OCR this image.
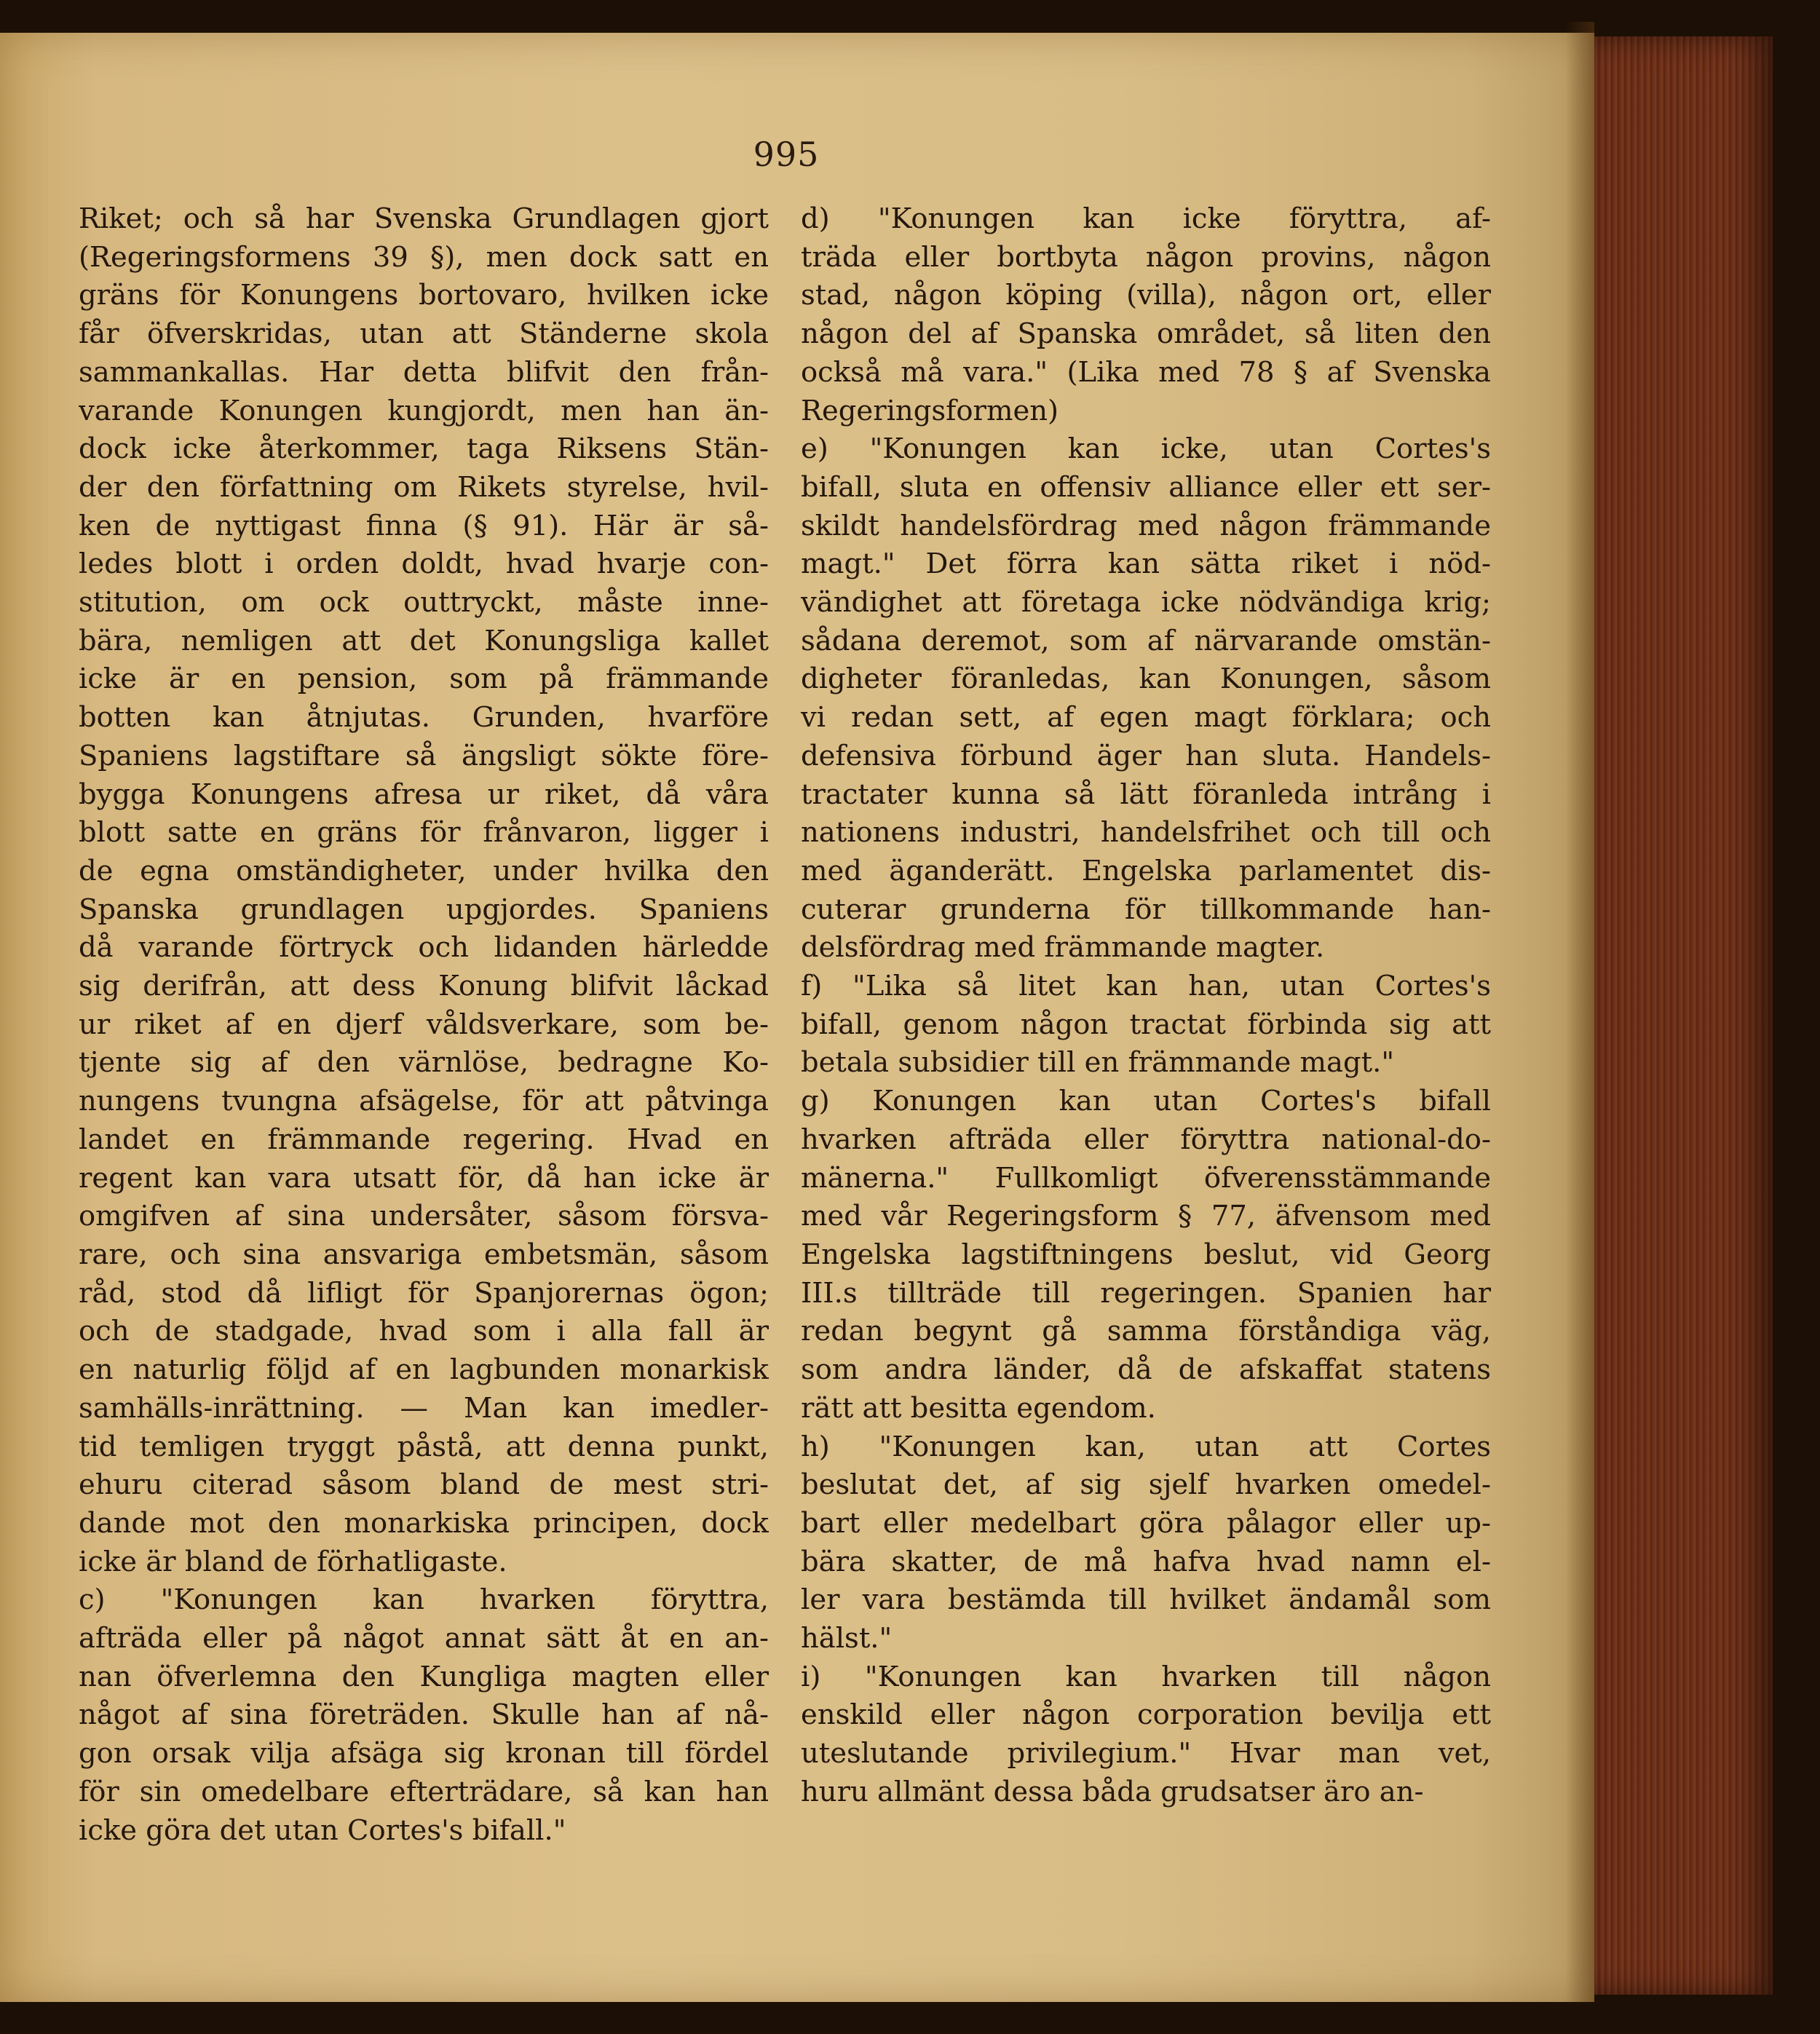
995
Riket; och så har Svenska Grundlagen gjort
(Regeringsformens 39 §), men dock satt en
gräns för Konungens bortovaro, hvilken icke
får öfverskridas, utan att Ständerne skola
sammankallas. Har detta blifvit den från-
varande Konungen kungjordt, men han än-
dock icke återkommer, taga Riksens Stän-
der den författning om Rikets styrelse, hvil-
ken de nyttigast finna (§ 91). Här är så-
ledes blott i orden doldt, hvad hvarje con-
stitution, om ock outtryckt, måste inne-
bära, nemligen att det Konungsliga kallet
icke är en pension, som på främmande
botten kan åtnjutas. Grunden, hvarföre
Spaniens lagstiftare så ängsligt sökte före-
bygga Konungens afresa ur riket, då våra
blott satte en gräns för frånvaron, ligger i
de egna omständigheter, under hvilka den
Spanska grundlagen upgjordes. Spaniens
då varande förtryck och lidanden härledde
sig derifrån, att dess Konung blifvit låckad
ur riket af en djerf våldsverkare, som be-
tjente sig af den värnlöse, bedragne Ko-
nungens tvungna afsägelse, för att påtvinga
landet en främmande regering. Hvad en
regent kan vara utsatt för, då han icke är
omgifven af sina undersåter, såsom försva-
rare, och sina ansvariga embetsmän, såsom
råd, stod då lifligt för Spanjorernas ögon;
och de stadgade, hvad som i alla fall är
en naturlig följd af en lagbunden monarkisk
samhälls-inrättning. — Man kan imedler-
tid temligen tryggt påstå, att denna punkt,
ehuru citerad såsom bland de mest stri-
dande mot den monarkiska principen, dock
icke är bland de förhatligaste.
c) "Konungen kan hvarken föryttra,
afträda eller på något annat sätt åt en an-
nan öfverlemna den Kungliga magten eller
något af sina företräden. Skulle han af nå-
gon orsak vilja afsäga sig kronan till fördel
för sin omedelbare efterträdare, så kan han
icke göra det utan Cortes's bifall."
d) "Konungen kan icke föryttra, af-
träda eller bortbyta någon provins, någon
stad, någon köping (villa), någon ort, eller
någon del af Spanska området, så liten den
också må vara." (Lika med 78 § af Svenska
Regeringsformen)
e) "Konungen kan icke, utan Cortes's
bifall, sluta en offensiv alliance eller ett ser-
skildt handelsfördrag med någon främmande
magt." Det förra kan sätta riket i nöd-
vändighet att företaga icke nödvändiga krig;
sådana deremot, som af närvarande omstän-
digheter föranledas, kan Konungen, såsom
vi redan sett, af egen magt förklara; och
defensiva förbund äger han sluta. Handels-
tractater kunna så lätt föranleda intrång i
nationens industri, handelsfrihet och till och
med äganderätt. Engelska parlamentet dis-
cuterar grunderna för tillkommande han-
delsfördrag med främmande magter.
f) "Lika så litet kan han, utan Cortes's
bifall, genom någon tractat förbinda sig att
betala subsidier till en främmande magt."
g) Konungen kan utan Cortes's bifall
hvarken afträda eller föryttra national-do-
mänerna." Fullkomligt öfverensstämmande
med vår Regeringsform § 77, äfvensom med
Engelska lagstiftningens beslut, vid Georg
III.s tillträde till regeringen. Spanien har
redan begynt gå samma förståndiga väg,
som andra länder, då de afskaffat statens
rätt att besitta egendom.
h) "Konungen kan, utan att Cortes
beslutat det, af sig sjelf hvarken omedel-
bart eller medelbart göra pålagor eller up-
bära skatter, de må hafva hvad namn el-
ler vara bestämda till hvilket ändamål som
hälst."
i) "Konungen kan hvarken till någon
enskild eller någon corporation bevilja ett
uteslutande privilegium." Hvar man vet,
huru allmänt dessa båda grudsatser äro an-
